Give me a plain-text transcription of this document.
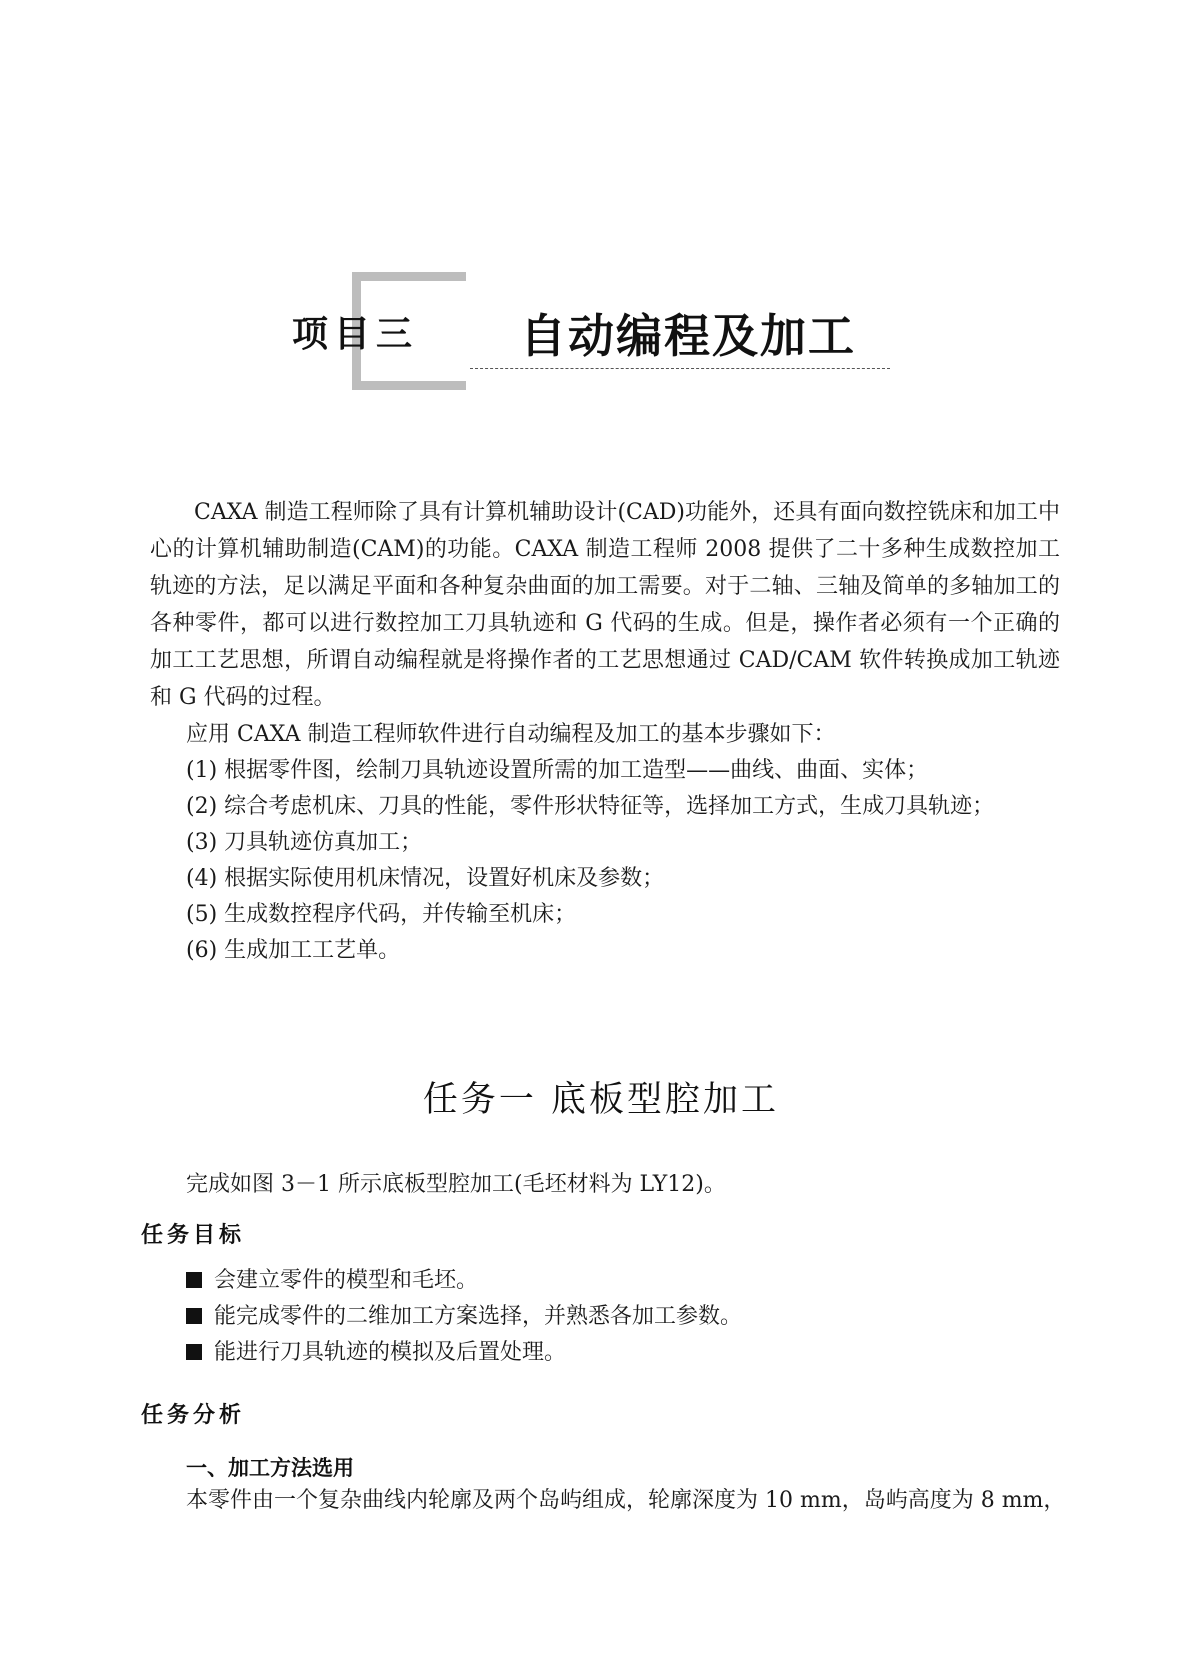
项目三 自动编程及加工

CAXA 制造工程师除了具有计算机辅助设计(CAD)功能外，还具有面向数控铣床和加工中心的计算机辅助制造(CAM)的功能。CAXA 制造工程师 2008 提供了二十多种生成数控加工轨迹的方法，足以满足平面和各种复杂曲面的加工需要。对于二轴、三轴及简单的多轴加工的各种零件，都可以进行数控加工刀具轨迹和 G 代码的生成。但是，操作者必须有一个正确的加工工艺思想，所谓自动编程就是将操作者的工艺思想通过 CAD/CAM 软件转换成加工轨迹和 G 代码的过程。

应用 CAXA 制造工程师软件进行自动编程及加工的基本步骤如下：
(1) 根据零件图，绘制刀具轨迹设置所需的加工造型——曲线、曲面、实体；
(2) 综合考虑机床、刀具的性能，零件形状特征等，选择加工方式，生成刀具轨迹；
(3) 刀具轨迹仿真加工；
(4) 根据实际使用机床情况，设置好机床及参数；
(5) 生成数控程序代码，并传输至机床；
(6) 生成加工工艺单。
任务一 底板型腔加工
完成如图 3－1 所示底板型腔加工(毛坯材料为 LY12)。
任务目标
会建立零件的模型和毛坯。
能完成零件的二维加工方案选择，并熟悉各加工参数。
能进行刀具轨迹的模拟及后置处理。
任务分析
一、加工方法选用
本零件由一个复杂曲线内轮廓及两个岛屿组成，轮廓深度为 10 mm，岛屿高度为 8 mm，
